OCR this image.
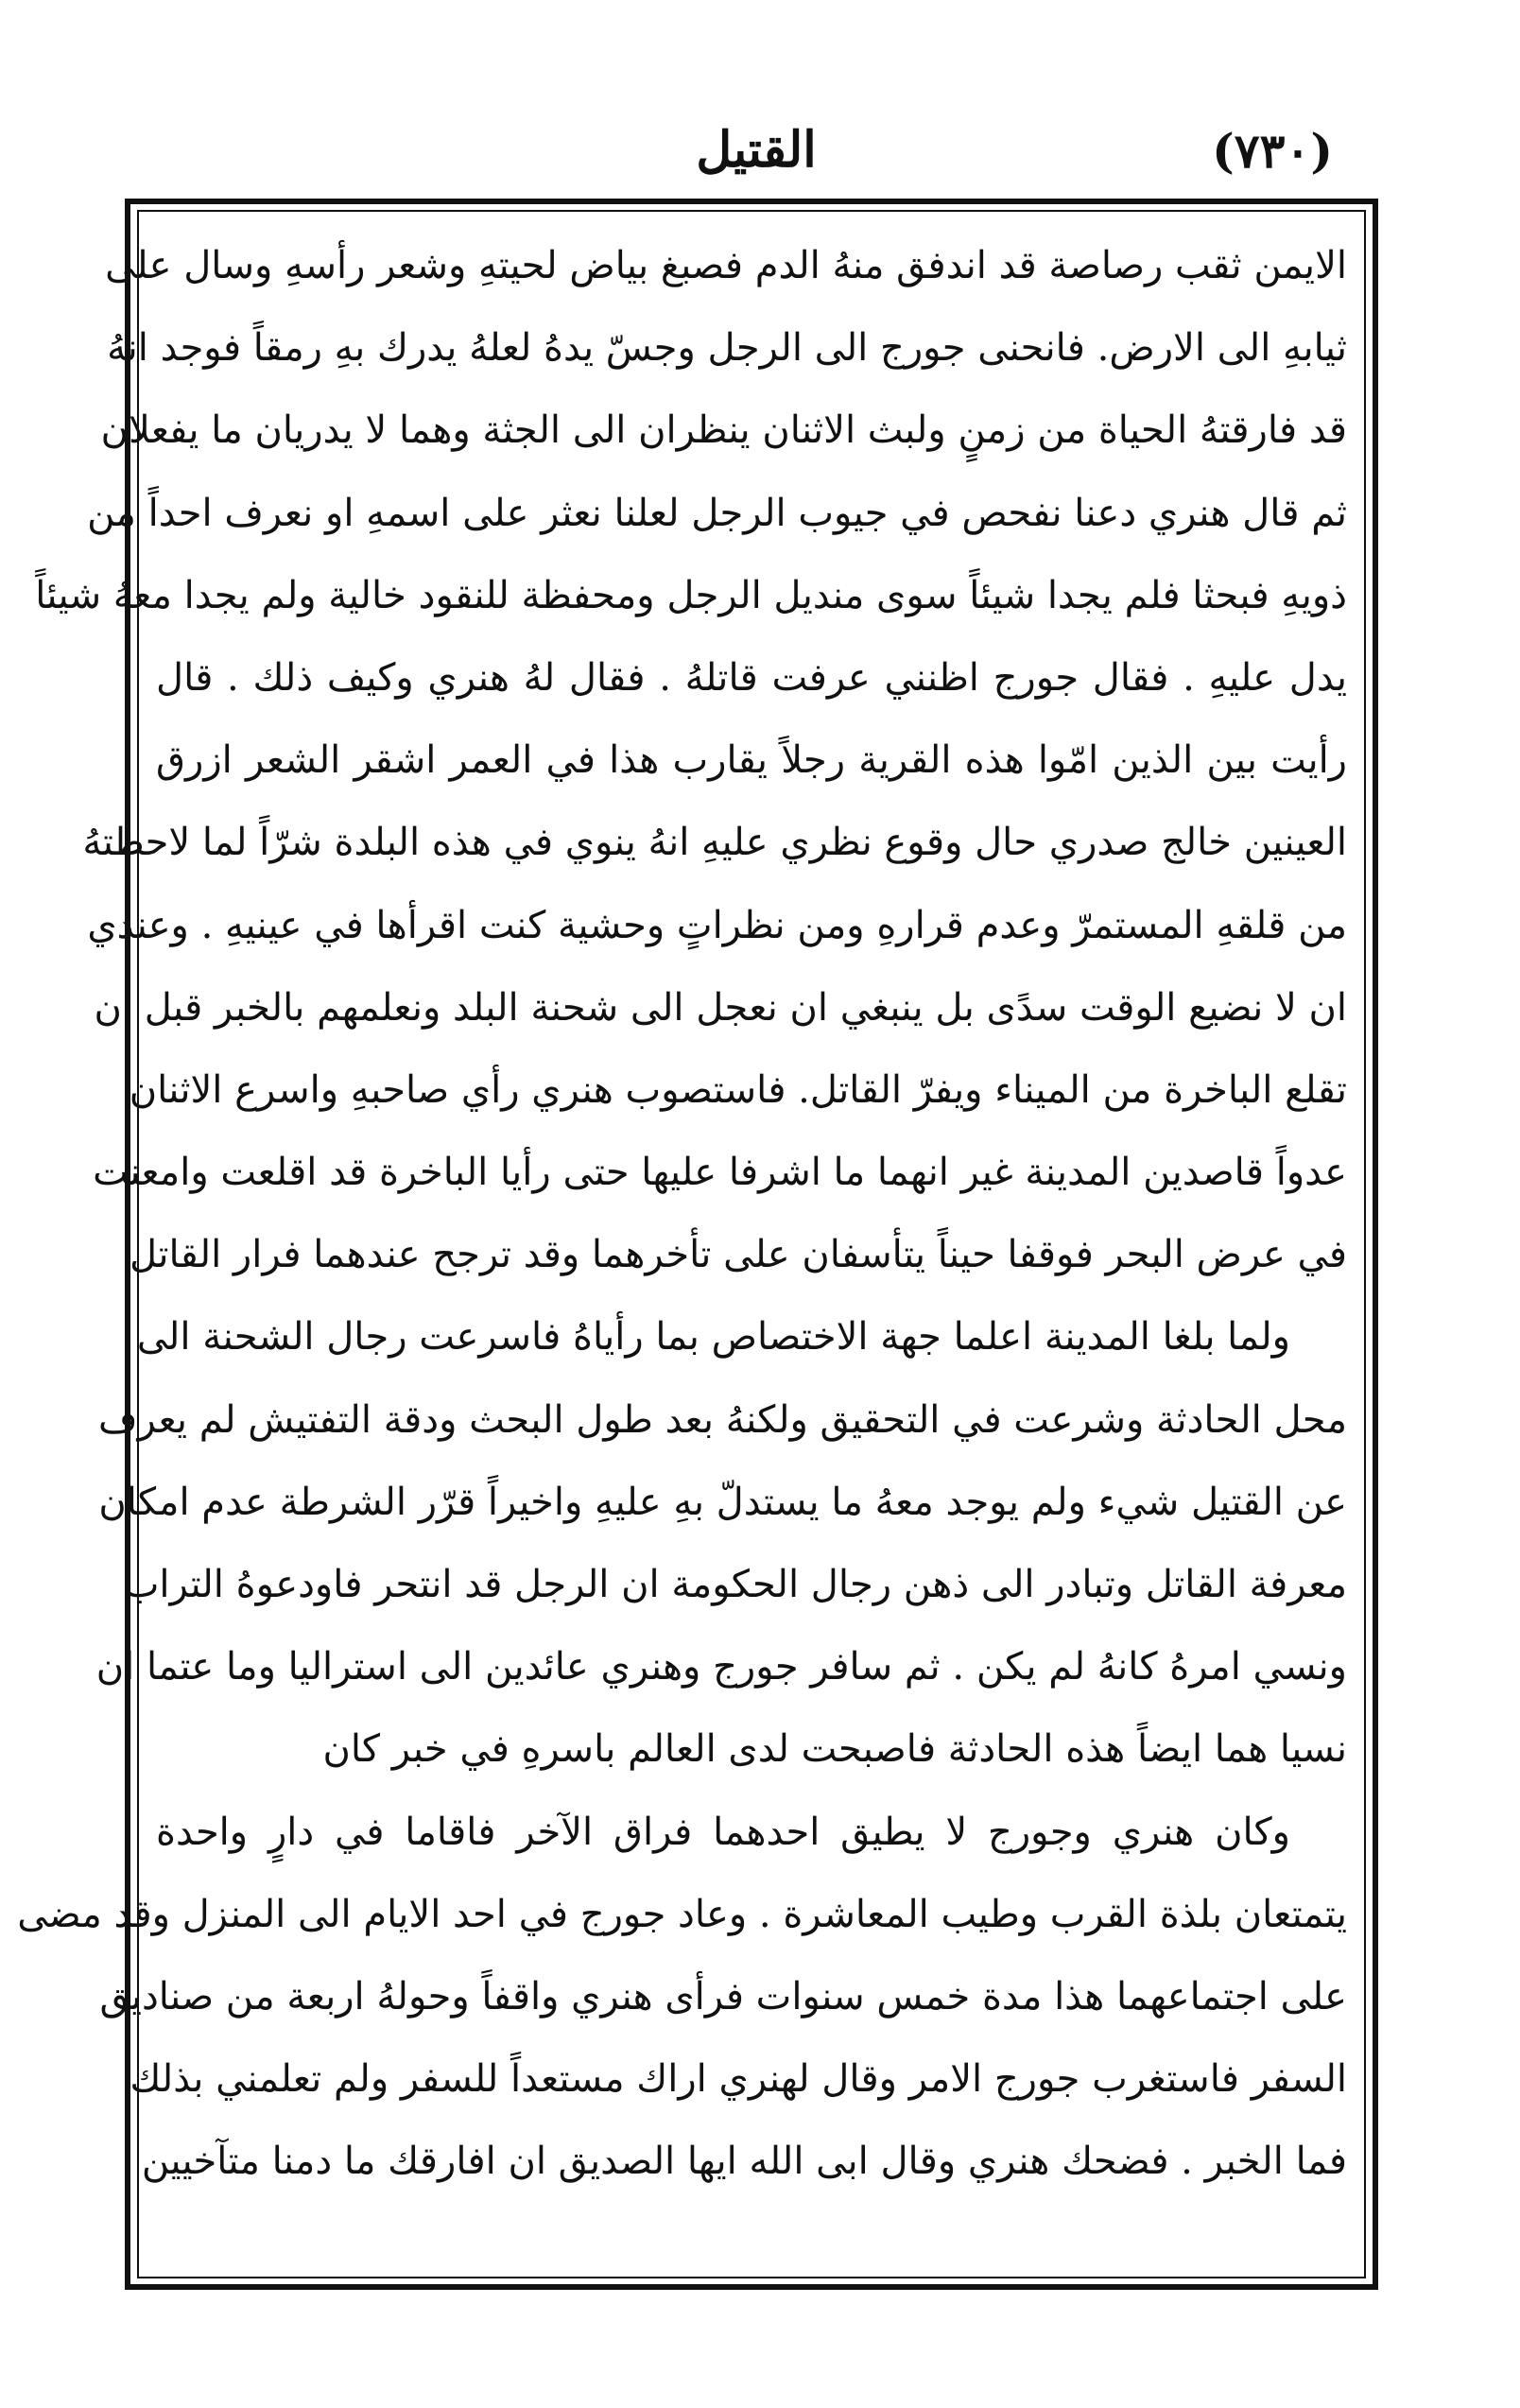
القتيل	(٧٣٠)
الايمن ثقب رصاصة قد اندفق منهُ الدم فصبغ بياض لحيتهِ وشعر رأسهِ وسال على
ثيابهِ الى الارض. فانحنى جورج الى الرجل وجسّ يدهُ لعلهُ يدرك بهِ رمقاً فوجد انهُ
قد فارقتهُ الحياة من زمنٍ ولبث الاثنان ينظران الى الجثة وهما لا يدريان ما يفعلان
ثم قال هنري دعنا نفحص في جيوب الرجل لعلنا نعثر على اسمهِ او نعرف احداً من
ذويهِ فبحثا فلم يجدا شيئاً سوى منديل الرجل ومحفظة للنقود خالية ولم يجدا معهُ شيئاً
يدل عليهِ . فقال جورج اظنني عرفت قاتلهُ . فقال لهُ هنري وكيف ذلك . قال
رأيت بين الذين امّوا هذه القرية رجلاً يقارب هذا في العمر اشقر الشعر ازرق
العينين خالج صدري حال وقوع نظري عليهِ انهُ ينوي في هذه البلدة شرّاً لما لاحظتهُ
من قلقهِ المستمرّ وعدم قرارهِ ومن نظراتٍ وحشية كنت اقرأها في عينيهِ . وعندي
ان لا نضيع الوقت سدًى بل ينبغي ان نعجل الى شحنة البلد ونعلمهم بالخبر قبل ان
تقلع الباخرة من الميناء ويفرّ القاتل. فاستصوب هنري رأي صاحبهِ واسرع الاثنان
عدواً قاصدين المدينة غير انهما ما اشرفا عليها حتى رأيا الباخرة قد اقلعت وامعنت
في عرض البحر فوقفا حيناً يتأسفان على تأخرهما وقد ترجح عندهما فرار القاتل
ولما بلغا المدينة اعلما جهة الاختصاص بما رأياهُ فاسرعت رجال الشحنة الى
محل الحادثة وشرعت في التحقيق ولكنهُ بعد طول البحث ودقة التفتيش لم يعرف
عن القتيل شيء ولم يوجد معهُ ما يستدلّ بهِ عليهِ واخيراً قرّر الشرطة عدم امكان
معرفة القاتل وتبادر الى ذهن رجال الحكومة ان الرجل قد انتحر فاودعوهُ التراب
ونسي امرهُ كانهُ لم يكن . ثم سافر جورج وهنري عائدين الى استراليا وما عتما ان
نسيا هما ايضاً هذه الحادثة فاصبحت لدى العالم باسرهِ في خبر كان
وكان هنري وجورج لا يطيق احدهما فراق الآخر فاقاما في دارٍ واحدة
يتمتعان بلذة القرب وطيب المعاشرة . وعاد جورج في احد الايام الى المنزل وقد مضى
على اجتماعهما هذا مدة خمس سنوات فرأى هنري واقفاً وحولهُ اربعة من صناديق
السفر فاستغرب جورج الامر وقال لهنري اراك مستعداً للسفر ولم تعلمني بذلك
فما الخبر . فضحك هنري وقال ابى الله ايها الصديق ان افارقك ما دمنا متآخيين
